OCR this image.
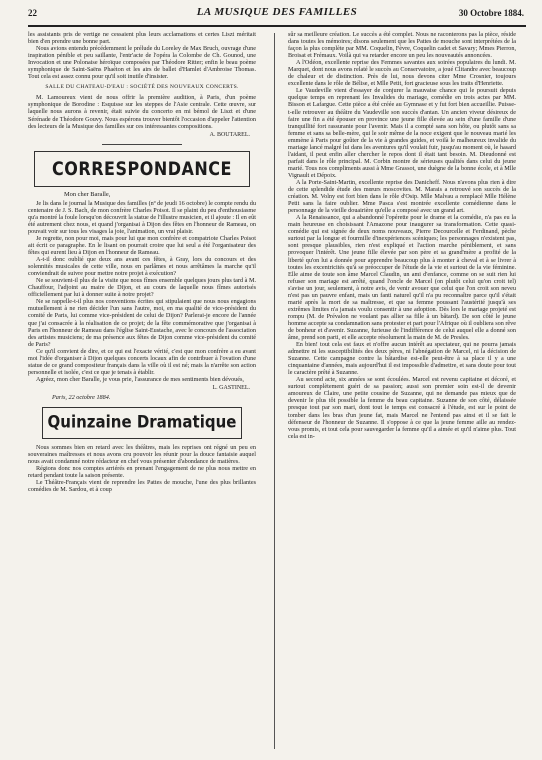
22	LA MUSIQUE DES FAMILLES	30 Octobre 1884.

les assistants pris de vertige ne cessaient plus leurs acclamations et certes Liszt méritait bien d'en prendre une bonne part.

Nous avions entendu précédemment le prélude du Loreley de Max Bruch, ouvrage d'une inspiration pénible et peu saillante, l'entr'acte de l'opéra la Colombe de Ch. Gounod, une Invocation et une Polonaise héroïque composées par Théodore Ritter; enfin le beau poème symphonique de Saint-Saëns Phaéton et les airs de ballet d'Hamlet d'Ambroise Thomas. Tout cela est assez connu pour qu'il soit inutile d'insister.

SALLE DU CHATEAU-D'EAU : SOCIÉTÉ DES NOUVEAUX CONCERTS.

M. Lamoureux vient de nous offrir la première audition, à Paris, d'un poème symphonique de Borodine : Esquisse sur les steppes de l'Asie centrale. Cette œuvre, sur laquelle nous aurons à revenir, était suivie du concerto en mi bémol de Liszt et d'une Sérénade de Théodore Gouvy. Nous espérons trouver bientôt l'occasion d'appeler l'attention des lecteurs de la Musique des familles sur ces intéressantes compositions.

A. BOUTAREL.
CORRESPONDANCE
Mon cher Baralle,

Je lis dans le journal la Musique des familles (nº de jeudi 16 octobre) le compte rendu du centenaire de J. S. Bach, de mon confrère Charles Poisot. Il se plaint du peu d'enthousiasme qu'a montré la foule lorsqu'on découvrit la statue de l'illustre musicien, et il ajoute : Il en eût été autrement chez nous, et quand j'organisai à Dijon des fêtes en l'honneur de Rameau, on pouvait voir sur tous les visages la joie, l'animation, un vrai plaisir.

Je regrette, non pour moi, mais pour lui que mon confrère et compatriote Charles Poisot ait écrit ce paragraphe. En le lisant on pourrait croire que lui seul a été l'organisateur des fêtes qui eurent lieu à Dijon en l'honneur de Rameau.

A-t-il donc oublié que deux ans avant ces fêtes, à Gray, lors du concours et des solennités musicales de cette ville, nous en parlâmes et nous arrêtâmes la marche qu'il conviendrait de suivre pour mettre notre projet à exécution?

Ne se souvient-il plus de la visite que nous fîmes ensemble quelques jours plus tard à M. Chauffour, l'adjoint au maire de Dijon, et au cours de laquelle nous fîmes autorisés officiellement par lui à donner suite à notre projet?

Ne se rappelle-t-il plus nos conventions écrites qui stipulaient que nous nous engagions mutuellement à ne rien décider l'un sans l'autre, moi, en ma qualité de vice-président du comité de Paris, lui comme vice-président de celui de Dijon? Parlerai-je encore de l'année que j'ai consacrée à la réalisation de ce projet; de la fête commémorative que j'organisai à Paris en l'honneur de Rameau dans l'église Saint-Eustache, avec le concours de l'association des artistes musiciens; de ma présence aux fêtes de Dijon comme vice-président du comité de Paris?

Ce qu'il convient de dire, et ce qui est l'exacte vérité, c'est que mon confrère a eu avant moi l'idée d'organiser à Dijon quelques concerts locaux afin de contribuer à l'ovation d'une statue de ce grand compositeur français dans la ville où il est né; mais la n'arrête son action personnelle et isolée, c'est ce que je tenais à établir.

Agréez, mon cher Baralle, je vous prie, l'assurance de mes sentiments bien dévoués,

L. GASTINEL.
Paris, 22 octobre 1884.
Quinzaine Dramatique

Nous sommes bien en retard avec les théâtres, mais les reprises ont régné un peu en souveraines maîtresses et nous avons cru pouvoir les réunir pour la douce fantaisie auquel nous avait condamné notre rédacteur en chef vous présenter d'abondance de matières.

Régions donc nos comptes arriérés en prenant l'engagement de ne plus nous mettre en retard pendant toute la saison présente.

Le Théâtre-Français vient de reprendre les Pattes de mouche, l'une des plus brillantes comédies de M. Sardou, et à coup

sûr sa meilleure création. Le succès a été complet. Nous ne raconterons pas la pièce, réside dans toutes les mémoires; disons seulement que les Pattes de mouche sont interprétées de la façon la plus complète par MM. Coquelin, Fèvre, Coquelin cadet et Savary; Mmes Pierron, Broisat et Frémaux. Voilà qui va retarder encore un peu les nouveautés annoncées.

A l'Odéon, excellente reprise des Femmes savantes aux soirées populaires du lundi. M. Marquet, dont nous avons relaté le succès au Conservatoire, a joué Clitandre avec beaucoup de chaleur et de distinction. Près de lui, nous devons citer Mme Crosnier, toujours excellente dans le rôle de Bélise, et Mlle Petit, fort gracieuse sous les traits d'Henriette.

Le Vaudeville vient d'essayer de conjurer la mauvaise chance qui le poursuit depuis quelque temps en reprenant les Invalides du mariage, comédie en trois actes par MM. Bisson et Lafargue. Cette pièce a été créée au Gymnase et y fut fort bien accueillie. Puisse-t-elle retrouver au théâtre du Vaudeville son succès d'antan. Un ancien viveur désireux de faire une fin a été épouser en province une jeune fille élevée au sein d'une famille d'une tranquillité fort rassurante pour l'avenir. Mais il a compté sans son hôte, ou plutôt sans sa femme et sans sa belle-mère, qui le soir même de la noce exigent que le nouveau marié les emmène à Paris pour goûter de la vie à grandes guides, et voilà le malheureux invalide du mariage lancé malgré lui dans les aventures qu'il voulait fuir, jusqu'au moment où, le hasard l'aidant, il peut enfin aller chercher le repos dont il était tant besoin. M. Dieudonné est parfait dans le rôle principal. M. Corbin montre de sérieuses qualités dans celui du jeune marié. Tous nos compliments aussi à Mme Grassot, une duègne de la bonne école, et à Mlle Vignault et Dépoix.

A la Porte-Saint-Martin, excellente reprise des Danicheff. Nous n'avons plus rien à dire de cette splendide étude des mœurs moscovites. M. Marais a retrouvé son succès de la création. M. Volny est fort bien dans le rôle d'Osip. Mlle Malvau a remplacé Mlle Hélène Petit sans la faire oublier. Mme Pasca s'est montrée excellente comédienne dans le personnage de la vieille douairière qu'elle a composé avec un grand art.

A la Renaissance, qui a abandonné l'opérette pour le drame et la comédie, n'a pas eu la main heureuse en choisissant l'Amazone pour inaugurer sa transformation. Cette quasi-comédie qui est signée de deux noms nouveaux, Pierre Decourcelle et Ferdinand, pèche surtout par la longue et fourmille d'inexpériences scéniques; les personnages n'existent pas, sont presque plausibles, rien n'est expliqué et l'action marche péniblement, et sans provoquer l'intérêt. Une jeune fille élevée par son père et sa grand'mère a profité de la liberté qu'on lui a donnée pour apprendre beaucoup plus à monter à cheval et à se livrer à toutes les excentricités qu'à se préoccuper de l'étude de la vie et surtout de la vie féminine. Elle aime de toute son âme Marcel Claudin, un ami d'enfance, comme on se suit rien lui refuser son mariage est arrêté, quand l'oncle de Marcel (on plutôt celui qu'on croit tel) s'avise un jour, seulement, à notre avis, de venir avouer que celui que l'on croit son neveu n'est pas un pauvre enfant, mais un fanti naturel qu'il n'a pu reconnaître parce qu'il s'était marié après la mort de sa maîtresse, et que sa femme poussant l'austérité jusqu'à ses extrêmes limites n'a jamais voulu consentir à une adoption. Dès lors le mariage projeté est rompu (M. de Prévalon ne voulant pas allier sa fille à un bâtard). De son côté le jeune homme accepte sa condamnation sans protester et part pour l'Afrique où il oubliera son rêve de bonheur et d'avenir. Suzanne, furieuse de l'indifférence de celui auquel elle a donné son âme, prend son parti, et elle accepte résolument la main de M. de Presles.

En bien! tout cela est faux et n'offre aucun intérêt au spectateur, qui ne pourra jamais admettre ni les susceptibilités des deux pères, ni l'abnégation de Marcel, ni la décision de Suzanne. Cette campagne contre la bâtardise est-elle peut-être à sa place il y a une cinquantaine d'années, mais aujourd'hui il est impossible d'admettre, et sans doute pour tout le caractère prêté à Suzanne.

Au second acte, six années se sont écoulées. Marcel est revenu capitaine et décoré, et surtout complètement guéri de sa passion; aussi son premier soin est-il de devenir amoureux de Claire, une petite cousine de Suzanne, qui ne demande pas mieux que de devenir le plus tôt possible la femme du beau capitaine. Suzanne de son côté, délaissée presque tout par son mari, dont tout le temps est consacré à l'étude, est sur le point de tomber dans les bras d'un jeune fat, mais Marcel ne l'entend pas ainsi et il se fait le défenseur de l'honneur de Suzanne. Il s'oppose à ce que la jeune femme aille au rendez-vous promis, et tout cela pour sauvegarder la femme qu'il a aimée et qu'il n'aime plus. Tout cela est in-
